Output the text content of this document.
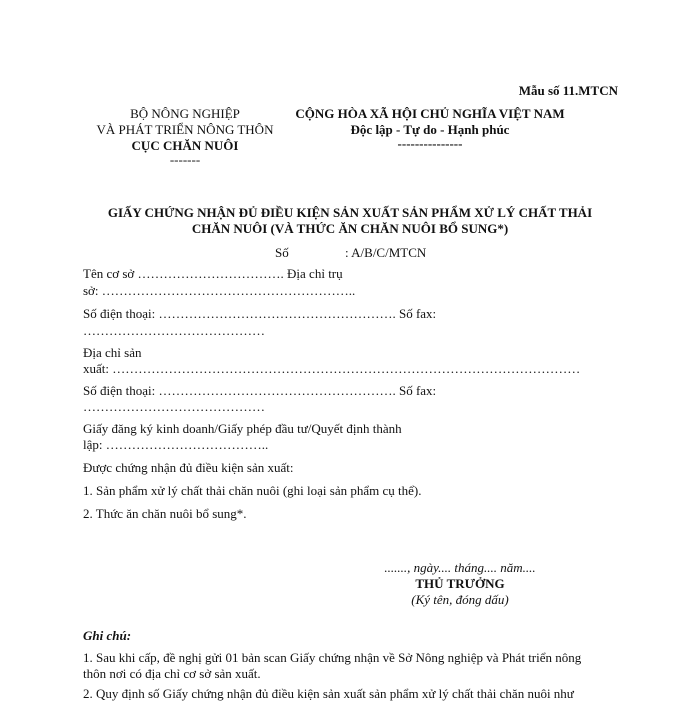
Mẫu số 11.MTCN
BỘ NÔNG NGHIỆP
VÀ PHÁT TRIỂN NÔNG THÔN
CỤC CHĂN NUÔI
-------
CỘNG HÒA XÃ HỘI CHỦ NGHĨA VIỆT NAM
Độc lập - Tự do - Hạnh phúc
---------------
GIẤY CHỨNG NHẬN ĐỦ ĐIỀU KIỆN SẢN XUẤT SẢN PHẨM XỬ LÝ CHẤT THẢI
CHĂN NUÔI (VÀ THỨC ĂN CHĂN NUÔI BỔ SUNG*)
Số	: A/B/C/MTCN
Tên cơ sở ……………………………. Địa chỉ trụ
sở: …………………………………………………..
Số điện thoại: ………………………………………………. Số fax:
……………………………………
Địa chỉ sản
xuất: ………………………………………………………………………………………………
Số điện thoại: ………………………………………………. Số fax:
……………………………………
Giấy đăng ký kinh doanh/Giấy phép đầu tư/Quyết định thành
lập: ………………………………..
Được chứng nhận đủ điều kiện sản xuất:
1. Sản phẩm xử lý chất thải chăn nuôi (ghi loại sản phẩm cụ thể).
2. Thức ăn chăn nuôi bổ sung*.
......., ngày.... tháng.... năm....
THỦ TRƯỞNG
(Ký tên, đóng dấu)
Ghi chú:
1. Sau khi cấp, đề nghị gửi 01 bản scan Giấy chứng nhận về Sở Nông nghiệp và Phát triển nông
thôn nơi có địa chỉ cơ sở sản xuất.
2. Quy định số Giấy chứng nhận đủ điều kiện sản xuất sản phẩm xử lý chất thải chăn nuôi như
